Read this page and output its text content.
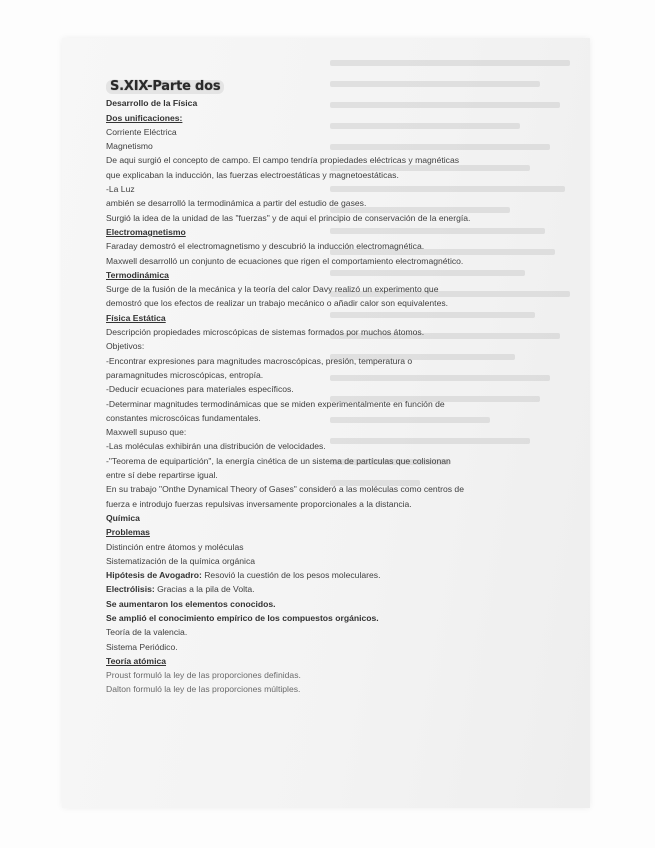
S.XIX-Parte dos
Desarrollo de la Física
Dos unificaciones:
Corriente Eléctrica
Magnetismo
De aqui surgió el concepto de campo. El campo tendría propiedades eléctricas y magnéticas
que explicaban la inducción, las fuerzas electroestáticas y magnetoestáticas.
-La Luz
ambién se desarrolló la termodinámica a partir del estudio de gases.
Surgió la idea de la unidad de las "fuerzas" y de aqui el principio de conservación de la energía.
Electromagnetismo
Faraday demostró el electromagnetismo y descubrió la inducción electromagnética.
Maxwell desarrolló un conjunto de ecuaciones que rigen el comportamiento electromagnético.
Termodinámica
Surge de la fusión de la mecánica y la teoría del calor Davy realizó un experimento que
demostró que los efectos de realizar un trabajo mecánico o añadir calor son equivalentes.
Física Estática
Descripción propiedades microscópicas de sistemas formados por muchos átomos.
Objetivos:
-Encontrar expresiones para magnitudes macroscópicas, presión, temperatura o
paramagnitudes microscópicas, entropía.
-Deducir ecuaciones para materiales específicos.
-Determinar magnitudes termodinámicas que se miden experimentalmente en función de
constantes microscóicas fundamentales.
Maxwell supuso que:
-Las moléculas exhibirán una distribución de velocidades.
-"Teorema de equipartición", la energía cinética de un sistema de partículas que colisionan
entre sí debe repartirse igual.
En su trabajo "Onthe Dynamical Theory of Gases" consideró a las moléculas como centros de
fuerza e introdujo fuerzas repulsivas inversamente proporcionales a la distancia.
Química
Problemas
Distinción entre átomos y moléculas
Sistematización de la química orgánica
Hipótesis de Avogadro: Resovió la cuestión de los pesos moleculares.
Electrólisis: Gracias a la pila de Volta.
Se aumentaron los elementos conocidos.
Se amplió el conocimiento empírico de los compuestos orgánicos.
Teoría de la valencia.
Sistema Periódico.
Teoría atómica
Proust formuló la ley de las proporciones definidas.
Dalton formuló la ley de las proporciones múltiples.
